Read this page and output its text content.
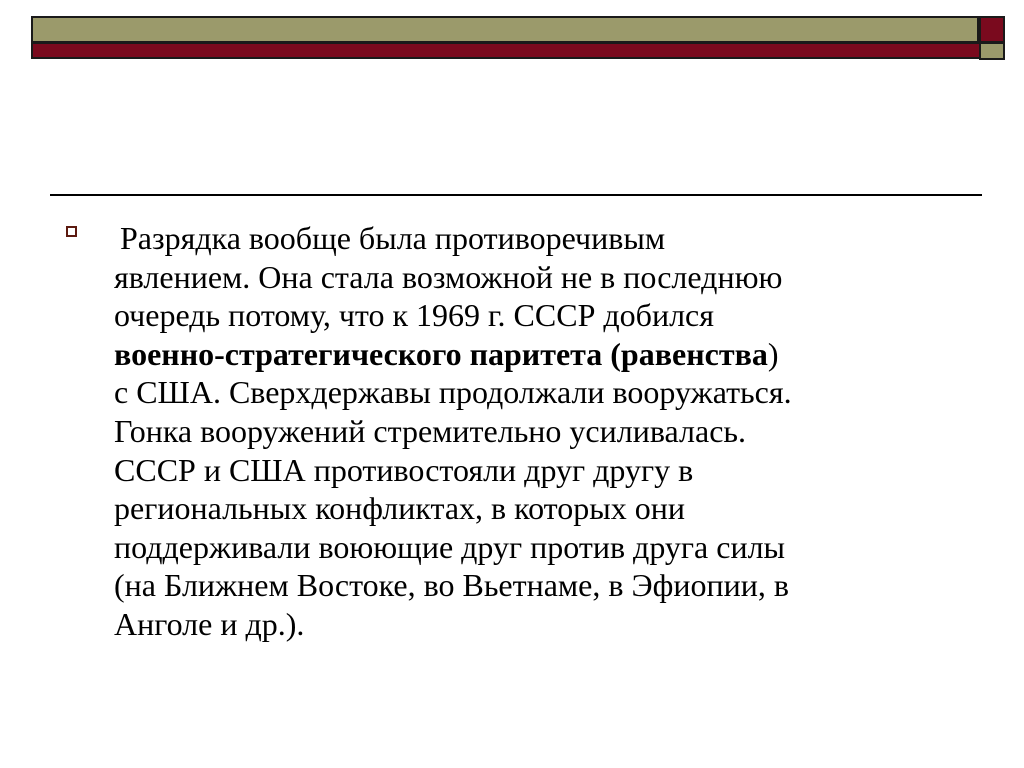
Разрядка вообще была противоречивым
явлением. Она стала возможной не в последнюю
очередь потому, что к 1969 г. СССР добился
военно-стратегического паритета (равенства)
с США. Сверхдержавы продолжали вооружаться.
Гонка вооружений стремительно усиливалась.
СССР и США противостояли друг другу в
региональных конфликтах, в которых они
поддерживали воюющие друг против друга силы
(на Ближнем Востоке, во Вьетнаме, в Эфиопии, в
Анголе и др.).
